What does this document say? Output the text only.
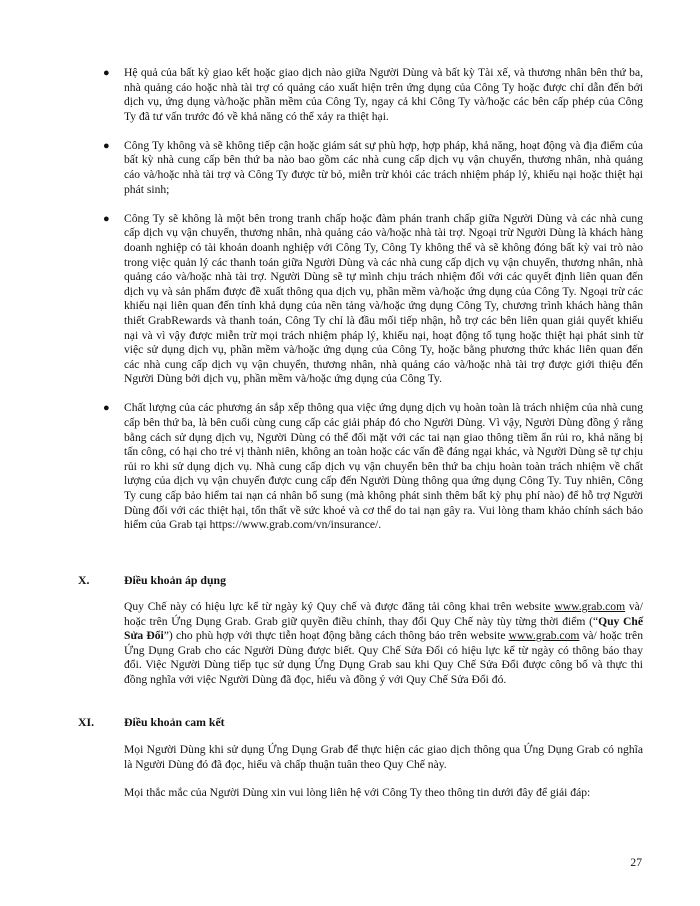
● Hệ quả của bất kỳ giao kết hoặc giao dịch nào giữa Người Dùng và bất kỳ Tài xế, và thương nhân bên thứ ba, nhà quảng cáo hoặc nhà tài trợ có quảng cáo xuất hiện trên ứng dụng của Công Ty hoặc được chỉ dẫn đến bởi dịch vụ, ứng dụng và/hoặc phần mềm của Công Ty, ngay cả khi Công Ty và/hoặc các bên cấp phép của Công Ty đã tư vấn trước đó về khả năng có thể xảy ra thiệt hại.
● Công Ty không và sẽ không tiếp cận hoặc giám sát sự phù hợp, hợp pháp, khả năng, hoạt động và địa điểm của bất kỳ nhà cung cấp bên thứ ba nào bao gồm các nhà cung cấp dịch vụ vận chuyển, thương nhân, nhà quảng cáo và/hoặc nhà tài trợ và Công Ty được từ bỏ, miễn trừ khỏi các trách nhiệm pháp lý, khiếu nại hoặc thiệt hại phát sinh;
● Công Ty sẽ không là một bên trong tranh chấp hoặc đàm phán tranh chấp giữa Người Dùng và các nhà cung cấp dịch vụ vận chuyển, thương nhân, nhà quảng cáo và/hoặc nhà tài trợ. Ngoại trừ Người Dùng là khách hàng doanh nghiệp có tài khoản doanh nghiệp với Công Ty, Công Ty không thể và sẽ không đóng bất kỳ vai trò nào trong việc quản lý các thanh toán giữa Người Dùng và các nhà cung cấp dịch vụ vận chuyển, thương nhân, nhà quảng cáo và/hoặc nhà tài trợ. Người Dùng sẽ tự mình chịu trách nhiệm đối với các quyết định liên quan đến dịch vụ và sản phẩm được đề xuất thông qua dịch vụ, phần mềm và/hoặc ứng dụng của Công Ty. Ngoại trừ các khiếu nại liên quan đến tính khả dụng của nền tảng và/hoặc ứng dụng Công Ty, chương trình khách hàng thân thiết GrabRewards và thanh toán, Công Ty chỉ là đầu mối tiếp nhận, hỗ trợ các bên liên quan giải quyết khiếu nại và vì vậy được miễn trừ mọi trách nhiệm pháp lý, khiếu nại, hoạt động tố tụng hoặc thiệt hại phát sinh từ việc sử dụng dịch vụ, phần mềm và/hoặc ứng dụng của Công Ty, hoặc bằng phương thức khác liên quan đến các nhà cung cấp dịch vụ vận chuyển, thương nhân, nhà quảng cáo và/hoặc nhà tài trợ được giới thiệu đến Người Dùng bởi dịch vụ, phần mềm và/hoặc ứng dụng của Công Ty.
● Chất lượng của các phương án sắp xếp thông qua việc ứng dụng dịch vụ hoàn toàn là trách nhiệm của nhà cung cấp bên thứ ba, là bên cuối cùng cung cấp các giải pháp đó cho Người Dùng. Vì vậy, Người Dùng đồng ý rằng bằng cách sử dụng dịch vụ, Người Dùng có thể đối mặt với các tai nạn giao thông tiềm ẩn rủi ro, khả năng bị tấn công, có hại cho trẻ vị thành niên, không an toàn hoặc các vấn đề đáng ngại khác, và Người Dùng sẽ tự chịu rủi ro khi sử dụng dịch vụ. Nhà cung cấp dịch vụ vận chuyển bên thứ ba chịu hoàn toàn trách nhiệm về chất lượng của dịch vụ vận chuyển được cung cấp đến Người Dùng thông qua ứng dụng Công Ty. Tuy nhiên, Công Ty cung cấp bảo hiểm tai nạn cá nhân bổ sung (mà không phát sinh thêm bất kỳ phụ phí nào) để hỗ trợ Người Dùng đối với các thiệt hại, tổn thất về sức khoẻ và cơ thể do tai nạn gây ra. Vui lòng tham khảo chính sách bảo hiểm của Grab tại https://www.grab.com/vn/insurance/.
X.	Điều khoản áp dụng
Quy Chế này có hiệu lực kể từ ngày ký Quy chế và được đăng tải công khai trên website www.grab.com và/ hoặc trên Ứng Dụng Grab. Grab giữ quyền điều chỉnh, thay đổi Quy Chế này tùy từng thời điểm (“Quy Chế Sửa Đổi”) cho phù hợp với thực tiễn hoạt động bằng cách thông báo trên website www.grab.com và/ hoặc trên Ứng Dụng Grab cho các Người Dùng được biết. Quy Chế Sửa Đổi có hiệu lực kể từ ngày có thông báo thay đổi. Việc Người Dùng tiếp tục sử dụng Ứng Dụng Grab sau khi Quy Chế Sửa Đổi được công bố và thực thi đồng nghĩa với việc Người Dùng đã đọc, hiểu và đồng ý với Quy Chế Sửa Đổi đó.
XI.	Điều khoản cam kết
Mọi Người Dùng khi sử dụng Ứng Dụng Grab để thực hiện các giao dịch thông qua Ứng Dụng Grab có nghĩa là Người Dùng đó đã đọc, hiểu và chấp thuận tuân theo Quy Chế này.
Mọi thắc mắc của Người Dùng xin vui lòng liên hệ với Công Ty theo thông tin dưới đây để giải đáp:
27
